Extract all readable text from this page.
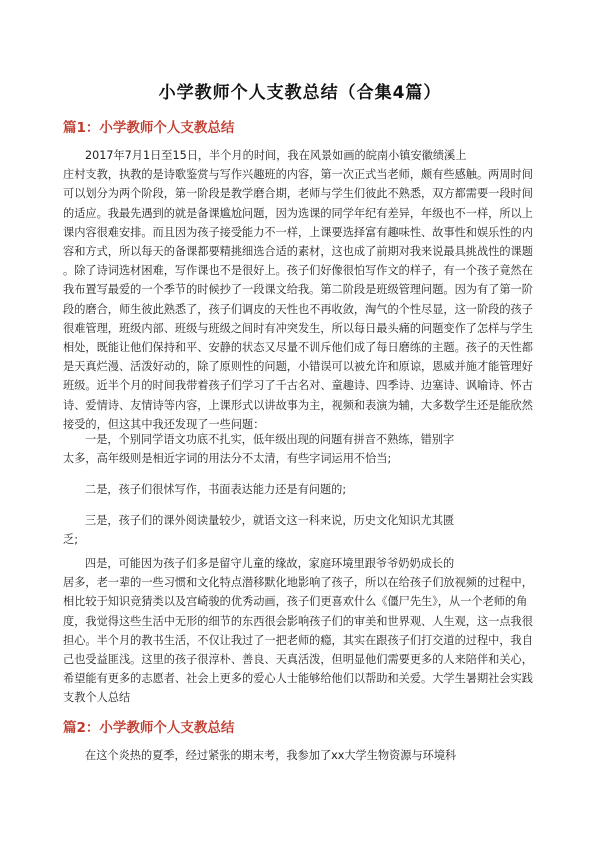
小学教师个人支教总结（合集4篇）
篇1：小学教师个人支教总结
2017年7月1日至15日，半个月的时间，我在风景如画的皖南小镇安徽绩溪上
庄村支教，执教的是诗歌鉴赏与写作兴趣班的内容，第一次正式当老师，颇有些感触。两周时间
可以划分为两个阶段，第一阶段是教学磨合期，老师与学生们彼此不熟悉，双方都需要一段时间
的适应。我最先遇到的就是备课尴尬问题，因为选课的同学年纪有差异，年级也不一样，所以上
课内容很难安排。而且因为孩子接受能力不一样，上课要选择富有趣味性、故事性和娱乐性的内
容和方式，所以每天的备课都要精挑细选合适的素材，这也成了前期对我来说最具挑战性的课题
。除了诗词选材困难，写作课也不是很好上。孩子们好像很怕写作文的样子，有一个孩子竟然在
我布置写最爱的一个季节的时候抄了一段课文给我。第二阶段是班级管理问题。因为有了第一阶
段的磨合，师生彼此熟悉了，孩子们调皮的天性也不再收敛，淘气的个性尽显，这一阶段的孩子
很难管理，班级内部、班级与班级之间时有冲突发生，所以每日最头痛的问题变作了怎样与学生
相处，既能让他们保持和平、安静的状态又尽量不训斥他们成了每日磨练的主题。孩子的天性都
是天真烂漫、活泼好动的，除了原则性的问题，小错误可以被允许和原谅，恩威并施才能管理好
班级。近半个月的时间我带着孩子们学习了千古名对、童趣诗、四季诗、边塞诗、讽喻诗、怀古
诗、爱情诗、友情诗等内容，上课形式以讲故事为主，视频和表演为辅，大多数学生还是能欣然
接受的，但这其中我还发现了一些问题：
一是，个别同学语文功底不扎实，低年级出现的问题有拼音不熟练，错别字
太多，高年级则是相近字词的用法分不太清，有些字词运用不恰当;
二是，孩子们很怵写作，书面表达能力还是有问题的;
三是，孩子们的课外阅读量较少，就语文这一科来说，历史文化知识尤其匮
乏;
四是，可能因为孩子们多是留守儿童的缘故，家庭环境里跟爷爷奶奶成长的
居多，老一辈的一些习惯和文化特点潜移默化地影响了孩子，所以在给孩子们放视频的过程中，
相比较于知识竞猜类以及宫崎骏的优秀动画，孩子们更喜欢什么《僵尸先生》，从一个老师的角
度，我觉得这些生活中无形的细节的东西很会影响孩子们的审美和世界观、人生观，这一点我很
担心。半个月的教书生活，不仅让我过了一把老师的瘾，其实在跟孩子们打交道的过程中，我自
己也受益匪浅。这里的孩子很淳朴、善良、天真活泼，但明显他们需要更多的人来陪伴和关心，
希望能有更多的志愿者、社会上更多的爱心人士能够给他们以帮助和关爱。大学生暑期社会实践
支教个人总结
篇2：小学教师个人支教总结
在这个炎热的夏季，经过紧张的期末考，我参加了xx大学生物资源与环境科
